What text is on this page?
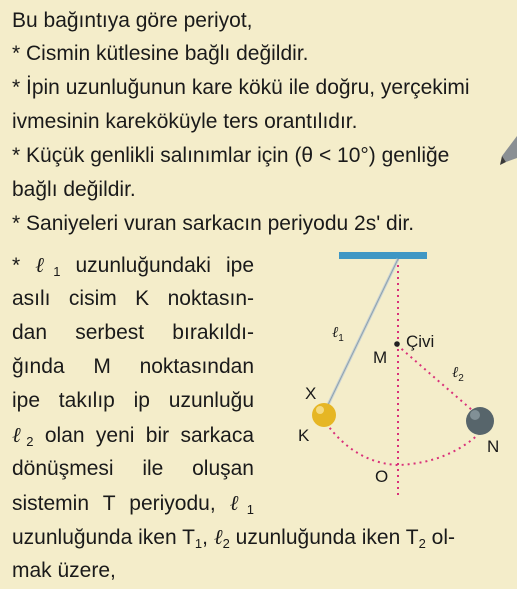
Bu bağıntıya göre periyot,
* Cismin kütlesine bağlı değildir.
* İpin uzunluğunun kare kökü ile doğru, yerçekimi
ivmesinin kareköküyle ters orantılıdır.
* Küçük genlikli salınımlar için (θ < 10°) genliğe
bağlı değildir.
* Saniyeleri vuran sarkacın periyodu 2s' dir.
* ℓ$_1$ uzunluğundaki ipe
asılı cisim K noktasın-
dan serbest bırakıldı-
ğında M noktasından
ipe takılıp ip uzunluğu
ℓ$_2$ olan yeni bir sarkaca
dönüşmesi ile oluşan
sistemin T periyodu, ℓ$_1$
uzunluğunda iken $T_1$, ℓ$_2$ uzunluğunda iken $T_2$ ol-
mak üzere,
ℓ$_1$
ℓ$_2$
Çivi
M
X
K
N
O
